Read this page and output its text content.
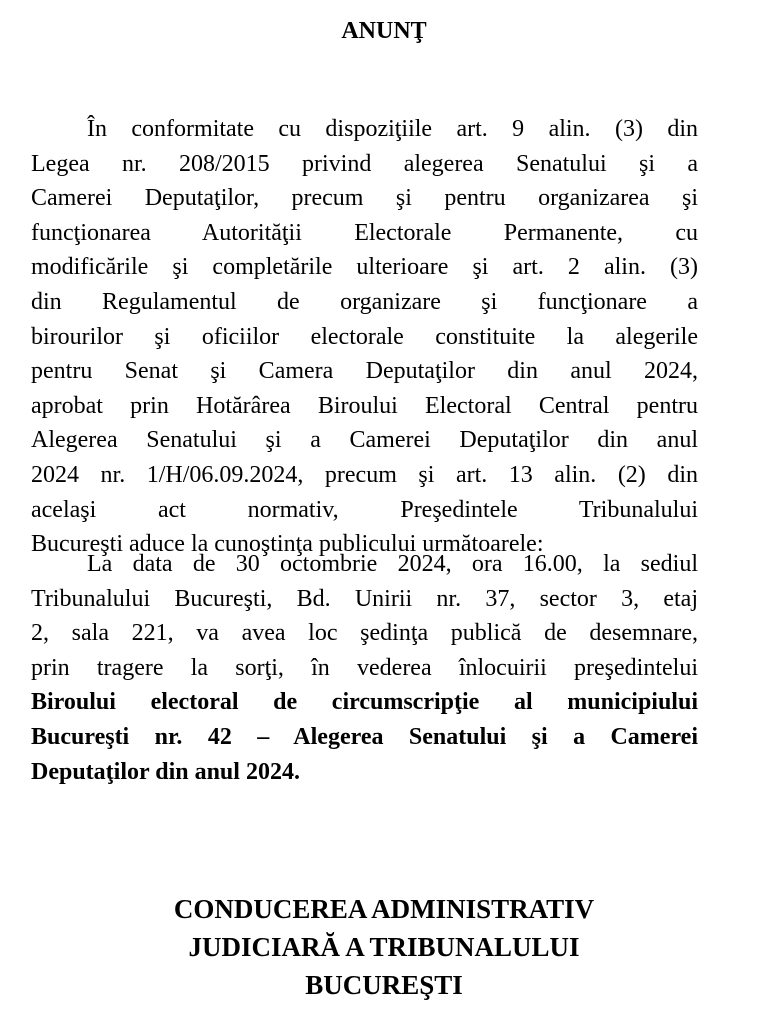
ANUNŢ
În conformitate cu dispoziţiile art. 9 alin. (3) din
Legea nr. 208/2015 privind alegerea Senatului şi a
Camerei Deputaţilor, precum şi pentru organizarea şi
funcţionarea Autorităţii Electorale Permanente, cu
modificările şi completările ulterioare şi art. 2 alin. (3)
din Regulamentul de organizare şi funcţionare a
birourilor şi oficiilor electorale constituite la alegerile
pentru Senat şi Camera Deputaţilor din anul 2024,
aprobat prin Hotărârea Biroului Electoral Central pentru
Alegerea Senatului şi a Camerei Deputaţilor din anul
2024 nr. 1/H/06.09.2024, precum şi art. 13 alin. (2) din
acelaşi act normativ, Preşedintele Tribunalului
Bucureşti aduce la cunoştinţa publicului următoarele:
La data de 30 octombrie 2024, ora 16.00, la sediul
Tribunalului Bucureşti, Bd. Unirii nr. 37, sector 3, etaj
2, sala 221, va avea loc şedinţa publică de desemnare,
prin tragere la sorţi, în vederea înlocuirii preşedintelui
Biroului electoral de circumscripţie al municipiului
Bucureşti nr. 42 – Alegerea Senatului şi a Camerei
Deputaţilor din anul 2024.
CONDUCEREA ADMINISTRATIV
JUDICIARĂ A TRIBUNALULUI
BUCUREŞTI
